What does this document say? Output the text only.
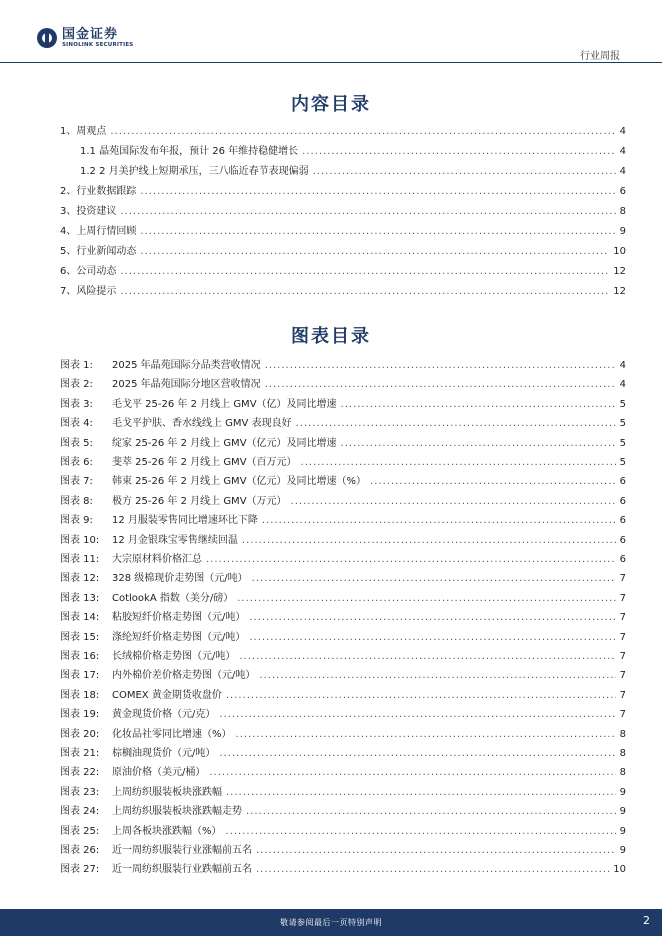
国金证券
SINOLINK SECURITIES
行业周报
内容目录
1、周观点 .....	4
1.1 晶苑国际发布年报，预计 26 年维持稳健增长 .....	4
1.2 2 月美护线上短期承压，三八临近春节表现偏弱 .....	4
2、行业数据跟踪 .....	6
3、投资建议 .....	8
4、上周行情回顾 .....	9
5、行业新闻动态 .....	10
6、公司动态 .....	12
7、风险提示 .....	12
图表目录
图表 1: 2025 年晶苑国际分品类营收情况 .....	4
图表 2: 2025 年晶苑国际分地区营收情况 .....	4
图表 3: 毛戈平 25-26 年 2 月线上 GMV（亿）及同比增速 .....	5
图表 4: 毛戈平护肤、香水线线上 GMV 表现良好 .....	5
图表 5: 绽家 25-26 年 2 月线上 GMV（亿元）及同比增速 .....	5
图表 6: 斐萃 25-26 年 2 月线上 GMV（百万元） .....	5
图表 7: 韩束 25-26 年 2 月线上 GMV（亿元）及同比增速（%） .....	6
图表 8: 极方 25-26 年 2 月线上 GMV（万元） .....	6
图表 9: 12 月服装零售同比增速环比下降 .....	6
图表 10: 12 月金银珠宝零售继续回温 .....	6
图表 11: 大宗原材料价格汇总 .....	6
图表 12: 328 级棉现价走势图（元/吨） .....	7
图表 13: CotlookA 指数（美分/磅） .....	7
图表 14: 粘胶短纤价格走势图（元/吨） .....	7
图表 15: 涤纶短纤价格走势图（元/吨） .....	7
图表 16: 长绒棉价格走势图（元/吨） .....	7
图表 17: 内外棉价差价格走势图（元/吨） .....	7
图表 18: COMEX 黄金期货收盘价 .....	7
图表 19: 黄金现货价格（元/克） .....	7
图表 20: 化妆品社零同比增速（%） .....	8
图表 21: 棕榈油现货价（元/吨） .....	8
图表 22: 原油价格（美元/桶） .....	8
图表 23: 上周纺织服装板块涨跌幅 .....	9
图表 24: 上周纺织服装板块涨跌幅走势 .....	9
图表 25: 上周各板块涨跌幅（%） .....	9
图表 26: 近一周纺织服装行业涨幅前五名 .....	9
图表 27: 近一周纺织服装行业跌幅前五名 .....	10
敬请参阅最后一页特别声明	2
